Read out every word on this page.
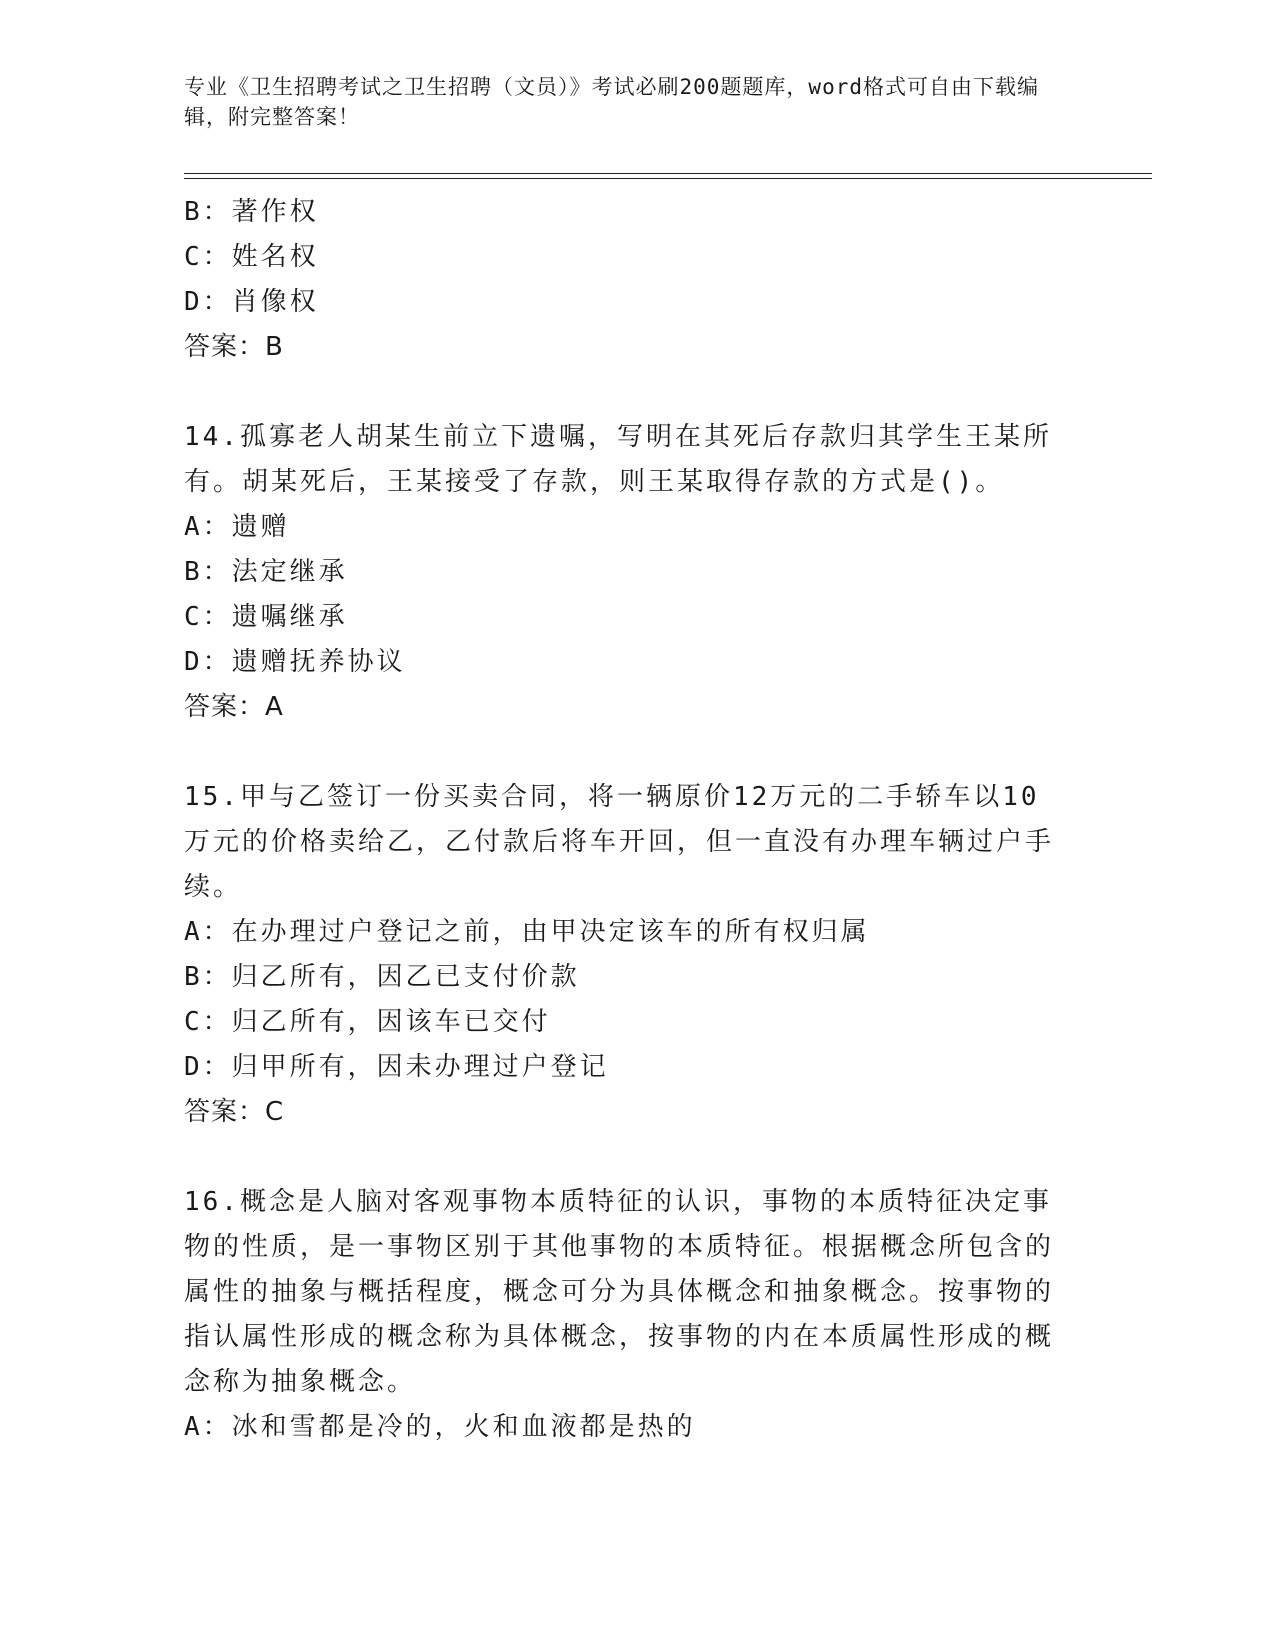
专业《卫生招聘考试之卫生招聘（文员）》考试必刷200题题库，word格式可自由下载编辑，附完整答案！
B：著作权
C：姓名权
D：肖像权
答案：B
14.孤寡老人胡某生前立下遗嘱，写明在其死后存款归其学生王某所有。胡某死后，王某接受了存款，则王某取得存款的方式是()。
A：遗赠
B：法定继承
C：遗嘱继承
D：遗赠抚养协议
答案：A
15.甲与乙签订一份买卖合同，将一辆原价12万元的二手轿车以10万元的价格卖给乙，乙付款后将车开回，但一直没有办理车辆过户手续。
A：在办理过户登记之前，由甲决定该车的所有权归属
B：归乙所有，因乙已支付价款
C：归乙所有，因该车已交付
D：归甲所有，因未办理过户登记
答案：C
16.概念是人脑对客观事物本质特征的认识，事物的本质特征决定事物的性质，是一事物区别于其他事物的本质特征。根据概念所包含的属性的抽象与概括程度，概念可分为具体概念和抽象概念。按事物的指认属性形成的概念称为具体概念，按事物的内在本质属性形成的概念称为抽象概念。
A：冰和雪都是冷的，火和血液都是热的
